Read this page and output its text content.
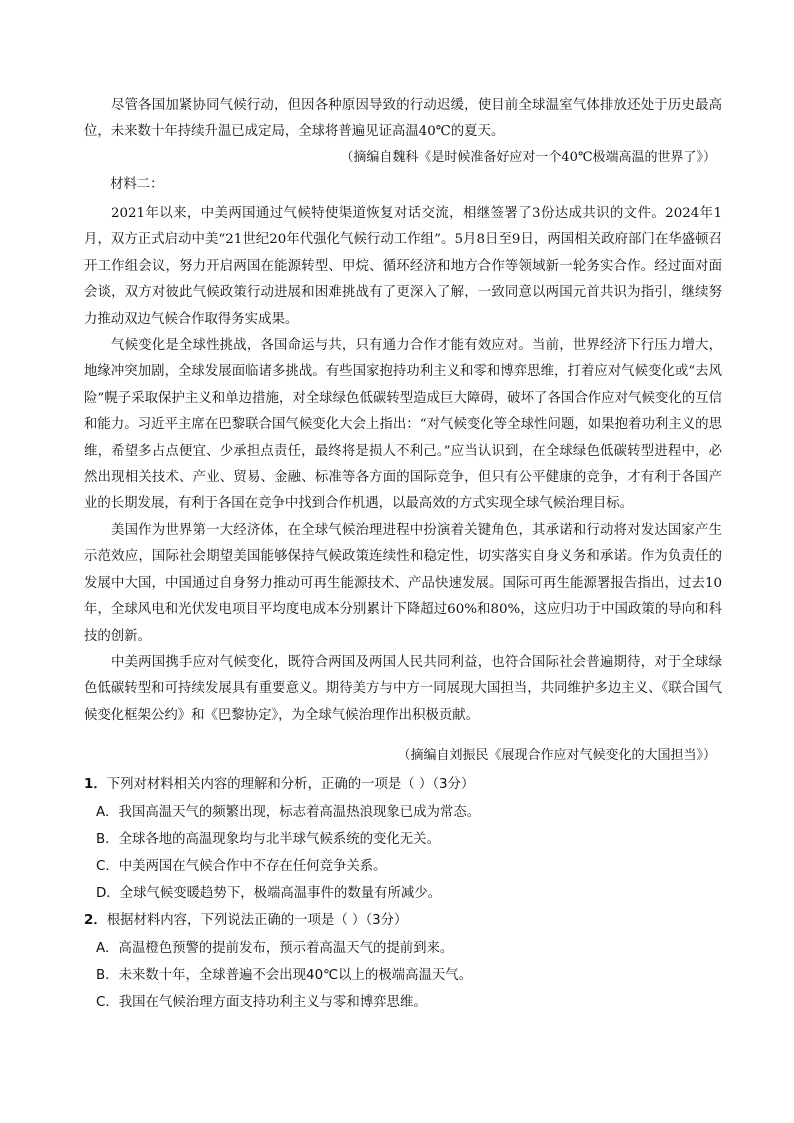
尽管各国加紧协同气候行动，但因各种原因导致的行动迟缓，使目前全球温室气体排放还处于历史最高位，未来数十年持续升温已成定局，全球将普遍见证高温40℃的夏天。

（摘编自魏科《是时候准备好应对一个40℃极端高温的世界了》）
材料二：

2021年以来，中美两国通过气候特使渠道恢复对话交流，相继签署了3份达成共识的文件。2024年1月，双方正式启动中美“21世纪20年代强化气候行动工作组”。5月8日至9日，两国相关政府部门在华盛顿召开工作组会议，努力开启两国在能源转型、甲烷、循环经济和地方合作等领域新一轮务实合作。经过面对面会谈，双方对彼此气候政策行动进展和困难挑战有了更深入了解，一致同意以两国元首共识为指引，继续努力推动双边气候合作取得务实成果。

气候变化是全球性挑战，各国命运与共，只有通力合作才能有效应对。当前，世界经济下行压力增大，地缘冲突加剧，全球发展面临诸多挑战。有些国家抱持功利主义和零和博弈思维，打着应对气候变化或“去风险”幌子采取保护主义和单边措施，对全球绿色低碳转型造成巨大障碍，破坏了各国合作应对气候变化的互信和能力。习近平主席在巴黎联合国气候变化大会上指出：“对气候变化等全球性问题，如果抱着功利主义的思维，希望多占点便宜、少承担点责任，最终将是损人不利己。”应当认识到，在全球绿色低碳转型进程中，必然出现相关技术、产业、贸易、金融、标准等各方面的国际竞争，但只有公平健康的竞争，才有利于各国产业的长期发展，有利于各国在竞争中找到合作机遇，以最高效的方式实现全球气候治理目标。

美国作为世界第一大经济体，在全球气候治理进程中扮演着关键角色，其承诺和行动将对发达国家产生示范效应，国际社会期望美国能够保持气候政策连续性和稳定性，切实落实自身义务和承诺。作为负责任的发展中大国，中国通过自身努力推动可再生能源技术、产品快速发展。国际可再生能源署报告指出，过去10年，全球风电和光伏发电项目平均度电成本分别累计下降超过60%和80%，这应归功于中国政策的导向和科技的创新。

中美两国携手应对气候变化，既符合两国及两国人民共同利益，也符合国际社会普遍期待，对于全球绿色低碳转型和可持续发展具有重要意义。期待美方与中方一同展现大国担当，共同维护多边主义、《联合国气候变化框架公约》和《巴黎协定》，为全球气候治理作出积极贡献。

（摘编自刘振民《展现合作应对气候变化的大国担当》）
1．下列对材料相关内容的理解和分析，正确的一项是（ ）（3分）
A．我国高温天气的频繁出现，标志着高温热浪现象已成为常态。
B．全球各地的高温现象均与北半球气候系统的变化无关。
C．中美两国在气候合作中不存在任何竞争关系。
D．全球气候变暖趋势下，极端高温事件的数量有所减少。
2．根据材料内容，下列说法正确的一项是（ ）（3分）
A．高温橙色预警的提前发布，预示着高温天气的提前到来。
B．未来数十年，全球普遍不会出现40℃以上的极端高温天气。
C．我国在气候治理方面支持功利主义与零和博弈思维。
